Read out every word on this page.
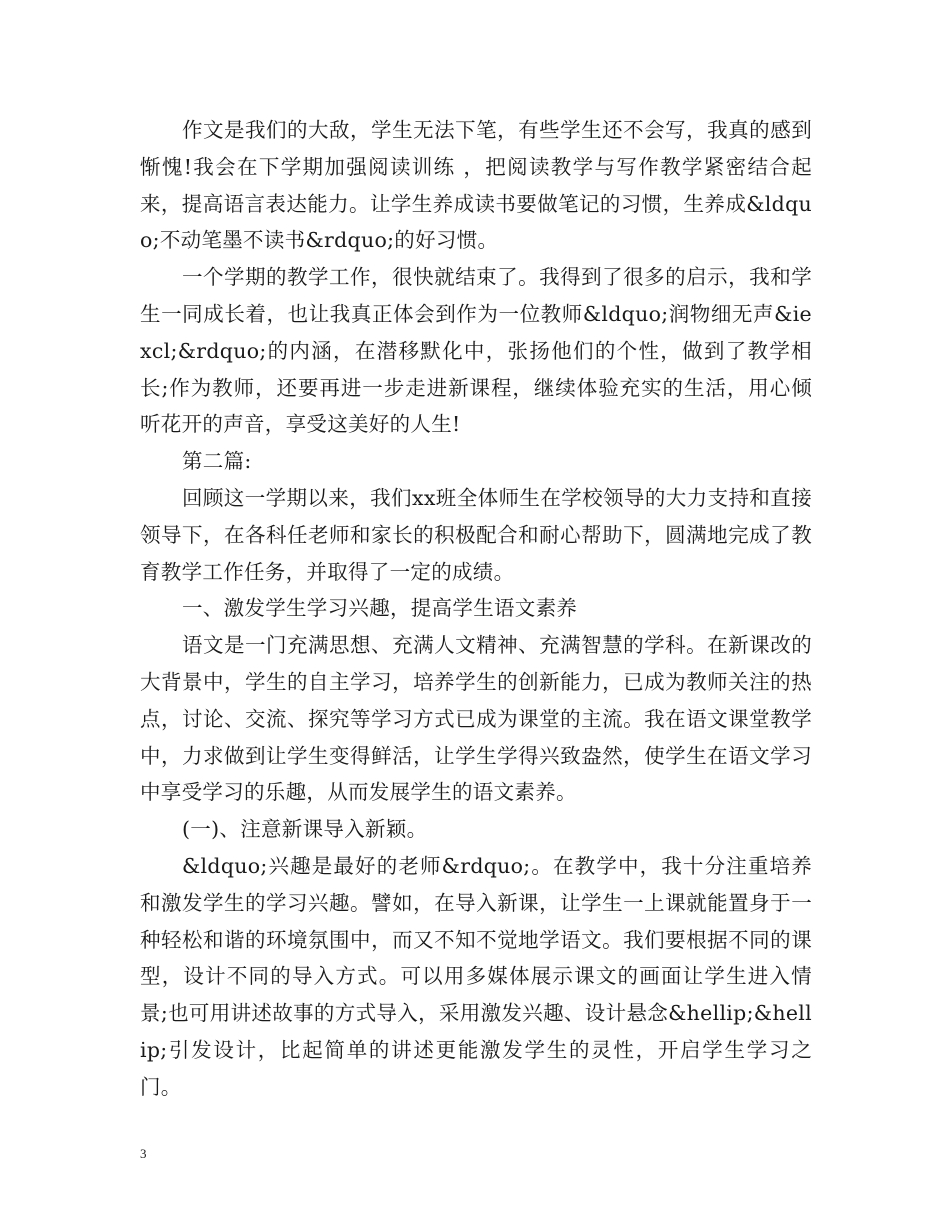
作文是我们的大敌，学生无法下笔，有些学生还不会写，我真的感到惭愧!我会在下学期加强阅读训练 ，把阅读教学与写作教学紧密结合起来，提高语言表达能力。让学生养成读书要做笔记的习惯，生养成&ldquo;不动笔墨不读书&rdquo;的好习惯。

一个学期的教学工作，很快就结束了。我得到了很多的启示，我和学生一同成长着，也让我真正体会到作为一位教师&ldquo;润物细无声&iexcl;&rdquo;的内涵，在潜移默化中，张扬他们的个性，做到了教学相长;作为教师，还要再进一步走进新课程，继续体验充实的生活，用心倾听花开的声音，享受这美好的人生!

第二篇:

回顾这一学期以来，我们xx班全体师生在学校领导的大力支持和直接领导下，在各科任老师和家长的积极配合和耐心帮助下，圆满地完成了教育教学工作任务，并取得了一定的成绩。

一、激发学生学习兴趣，提高学生语文素养

语文是一门充满思想、充满人文精神、充满智慧的学科。在新课改的大背景中，学生的自主学习，培养学生的创新能力，已成为教师关注的热点，讨论、交流、探究等学习方式已成为课堂的主流。我在语文课堂教学中，力求做到让学生变得鲜活，让学生学得兴致盎然，使学生在语文学习中享受学习的乐趣，从而发展学生的语文素养。

(一)、注意新课导入新颖。

&ldquo;兴趣是最好的老师&rdquo;。在教学中，我十分注重培养和激发学生的学习兴趣。譬如，在导入新课，让学生一上课就能置身于一种轻松和谐的环境氛围中，而又不知不觉地学语文。我们要根据不同的课型，设计不同的导入方式。可以用多媒体展示课文的画面让学生进入情景;也可用讲述故事的方式导入，采用激发兴趣、设计悬念&hellip;&hellip;引发设计，比起简单的讲述更能激发学生的灵性，开启学生学习之门。

3
